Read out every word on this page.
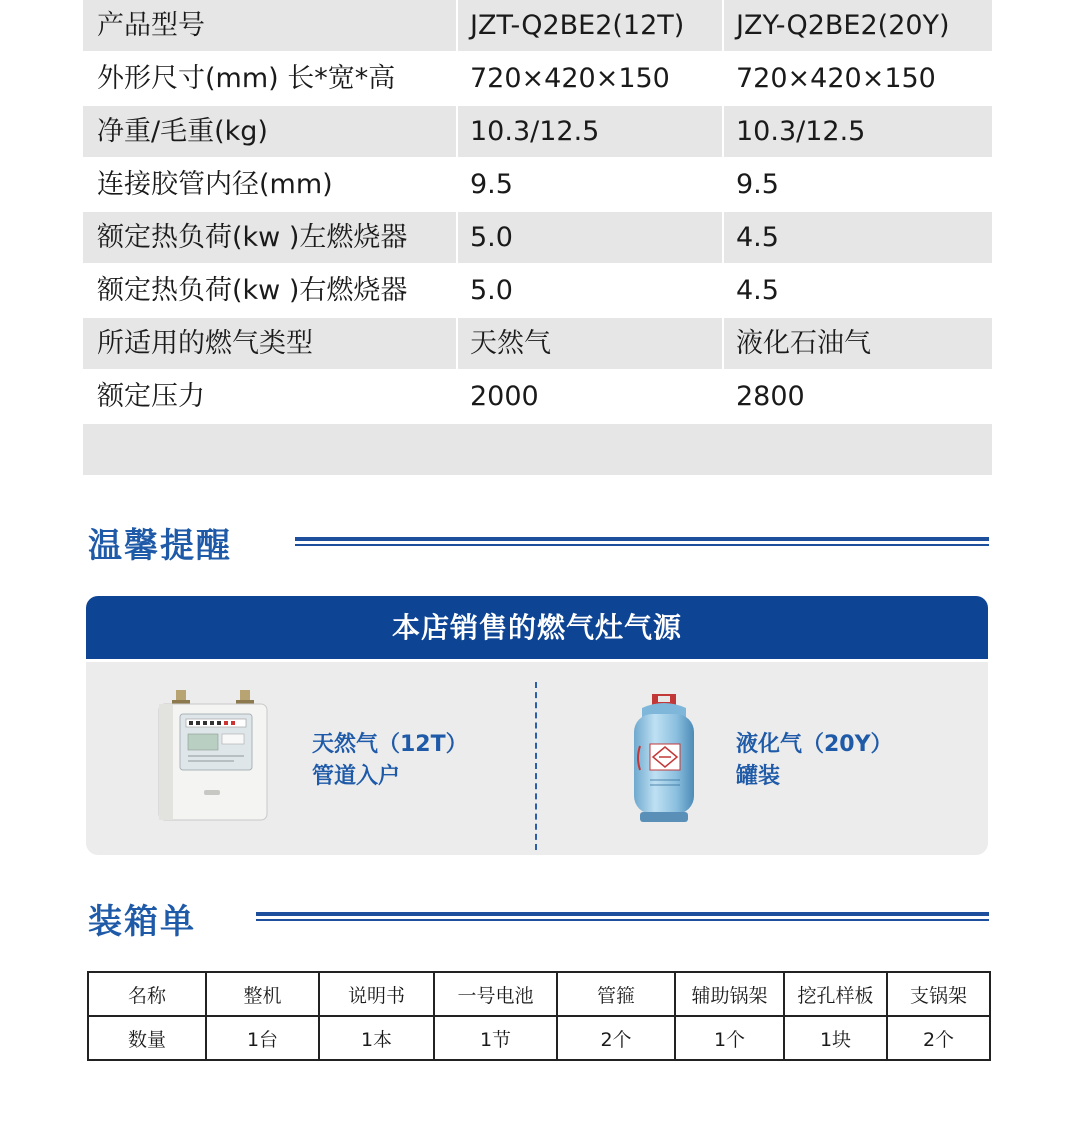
产品型号	JZT-Q2BE2(12T)	JZY-Q2BE2(20Y)
外形尺寸(mm) 长*宽*高	720×420×150	720×420×150
净重/毛重(kg)	10.3/12.5	10.3/12.5
连接胶管内径(mm)	9.5	9.5
额定热负荷(kw )左燃烧器	5.0	4.5
额定热负荷(kw )右燃烧器	5.0	4.5
所适用的燃气类型	天然气	液化石油气
额定压力	2000	2800
温馨提醒
本店销售的燃气灶气源
天然气（12T）
管道入户
液化气（20Y）
罐装
装箱单
名称	整机	说明书	一号电池	管箍	辅助锅架	挖孔样板	支锅架
数量	1台	1本	1节	2个	1个	1块	2个
